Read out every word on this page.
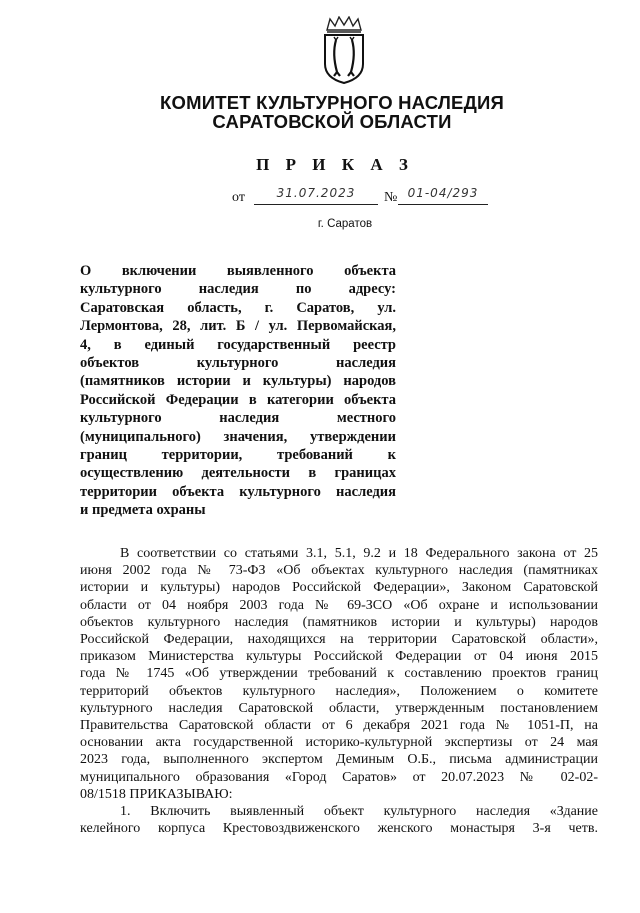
КОМИТЕТ КУЛЬТУРНОГО НАСЛЕДИЯ
САРАТОВСКОЙ ОБЛАСТИ
П Р И К А З
от	31.07.2023	№ 01-04/293
г. Саратов
О включении выявленного объекта
культурного наследия по адресу:
Саратовская область, г. Саратов, ул.
Лермонтова, 28, лит. Б / ул. Первомайская,
4, в единый государственный реестр
объектов культурного наследия
(памятников истории и культуры) народов
Российской Федерации в категории объекта
культурного наследия местного
(муниципального) значения, утверждении
границ территории, требований к
осуществлению деятельности в границах
территории объекта культурного наследия
и предмета охраны
В соответствии со статьями 3.1, 5.1, 9.2 и 18 Федерального закона от 25
июня 2002 года № 73-ФЗ «Об объектах культурного наследия (памятниках
истории и культуры) народов Российской Федерации», Законом Саратовской
области от 04 ноября 2003 года № 69-ЗСО «Об охране и использовании
объектов культурного наследия (памятников истории и культуры) народов
Российской Федерации, находящихся на территории Саратовской области»,
приказом Министерства культуры Российской Федерации от 04 июня 2015
года № 1745 «Об утверждении требований к составлению проектов границ
территорий объектов культурного наследия», Положением о комитете
культурного наследия Саратовской области, утвержденным постановлением
Правительства Саратовской области от 6 декабря 2021 года № 1051-П, на
основании акта государственной историко-культурной экспертизы от 24 мая
2023 года, выполненного экспертом Деминым О.Б., письма администрации
муниципального образования «Город Саратов» от 20.07.2023 № 02-02-
08/1518 ПРИКАЗЫВАЮ:
1. Включить выявленный объект культурного наследия «Здание
келейного корпуса Крестовоздвиженского женского монастыря 3-я четв.
